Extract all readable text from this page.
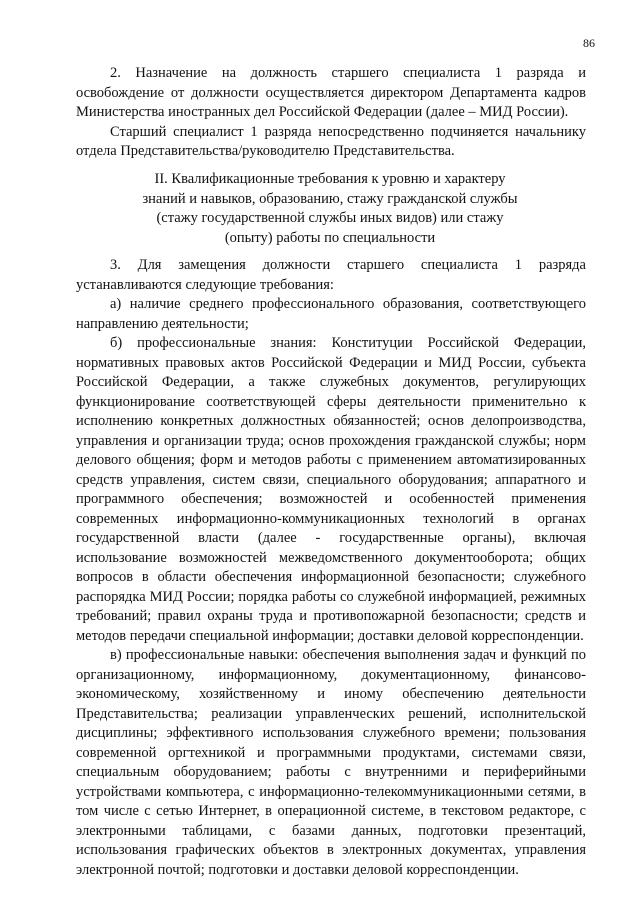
86

2. Назначение на должность старшего специалиста 1 разряда и освобождение от должности осуществляется директором Департамента кадров Министерства иностранных дел Российской Федерации (далее – МИД России).

Старший специалист 1 разряда непосредственно подчиняется начальнику отдела Представительства/руководителю Представительства.

II. Квалификационные требования к уровню и характеру
знаний и навыков, образованию, стажу гражданской службы
(стажу государственной службы иных видов) или стажу
(опыту) работы по специальности

3. Для замещения должности старшего специалиста 1 разряда устанавливаются следующие требования:

а) наличие среднего профессионального образования, соответствующего направлению деятельности;

б) профессиональные знания: Конституции Российской Федерации, нормативных правовых актов Российской Федерации и МИД России, субъекта Российской Федерации, а также служебных документов, регулирующих функционирование соответствующей сферы деятельности применительно к исполнению конкретных должностных обязанностей; основ делопроизводства, управления и организации труда; основ прохождения гражданской службы; норм делового общения; форм и методов работы с применением автоматизированных средств управления, систем связи, специального оборудования; аппаратного и программного обеспечения; возможностей и особенностей применения современных информационно-коммуникационных технологий в органах государственной власти (далее - государственные органы), включая использование возможностей межведомственного документооборота; общих вопросов в области обеспечения информационной безопасности; служебного распорядка МИД России; порядка работы со служебной информацией, режимных требований; правил охраны труда и противопожарной безопасности; средств и методов передачи специальной информации; доставки деловой корреспонденции.

в) профессиональные навыки: обеспечения выполнения задач и функций по организационному, информационному, документационному, финансово-экономическому, хозяйственному и иному обеспечению деятельности Представительства; реализации управленческих решений, исполнительской дисциплины; эффективного использования служебного времени; пользования современной оргтехникой и программными продуктами, системами связи, специальным оборудованием; работы с внутренними и периферийными устройствами компьютера, с информационно-телекоммуникационными сетями, в том числе с сетью Интернет, в операционной системе, в текстовом редакторе, с электронными таблицами, с базами данных, подготовки презентаций, использования графических объектов в электронных документах, управления электронной почтой; подготовки и доставки деловой корреспонденции.
